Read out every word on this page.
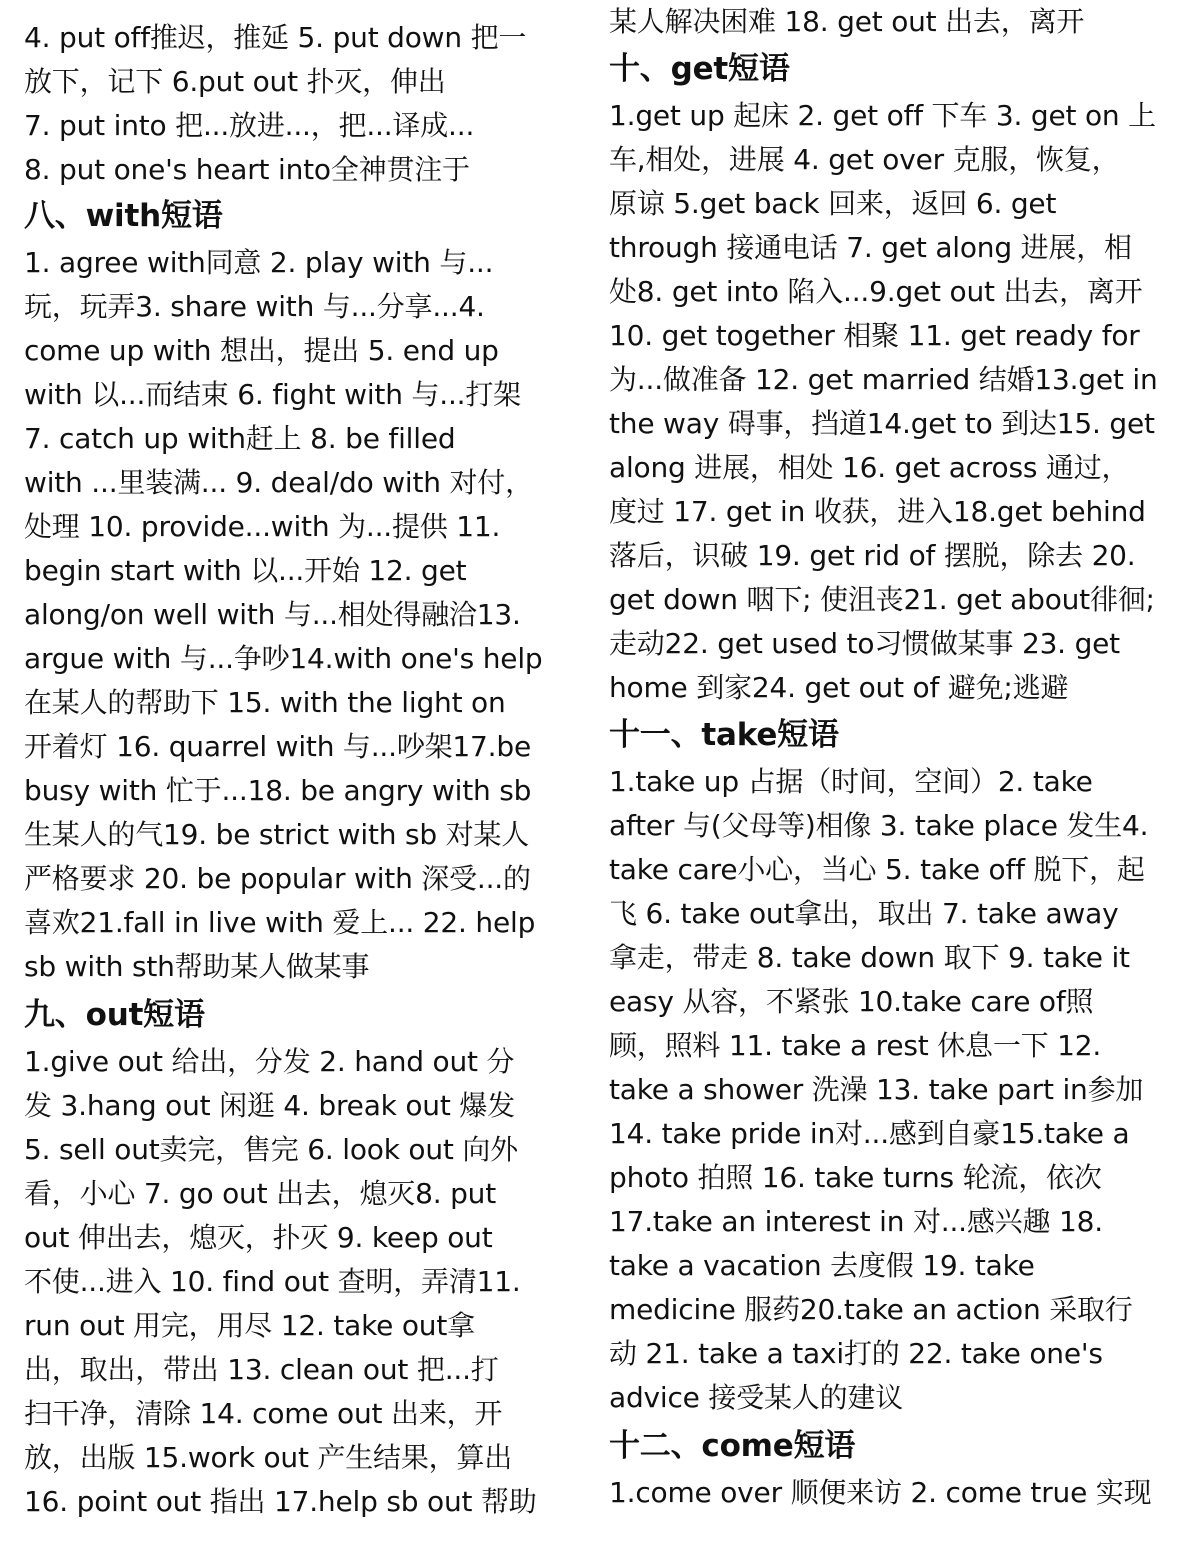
4. put off推迟，推延 5. put down 把一
放下，记下 6.put out 扑灭，伸出
7. put into 把...放进...，把...译成...
8. put one's heart into全神贯注于
八、with短语
1. agree with同意 2. play with 与...
玩，玩弄3. share with 与...分享...4.
come up with 想出，提出 5. end up
with 以...而结束 6. fight with 与...打架
7. catch up with赶上 8. be filled
with ...里装满... 9. deal/do with 对付，
处理 10. provide...with 为...提供 11.
begin start with 以...开始 12. get
along/on well with 与...相处得融洽13.
argue with 与...争吵14.with one's help
在某人的帮助下 15. with the light on
开着灯 16. quarrel with 与...吵架17.be
busy with 忙于...18. be angry with sb
生某人的气19. be strict with sb 对某人
严格要求 20. be popular with 深受...的
喜欢21.fall in live with 爱上... 22. help
sb with sth帮助某人做某事
九、out短语
1.give out 给出，分发 2. hand out 分
发 3.hang out 闲逛 4. break out 爆发
5. sell out卖完，售完 6. look out 向外
看，小心 7. go out 出去，熄灭8. put
out 伸出去，熄灭，扑灭 9. keep out
不使...进入 10. find out 查明，弄清11.
run out 用完，用尽 12. take out拿
出，取出，带出 13. clean out 把...打
扫干净，清除 14. come out 出来，开
放，出版 15.work out 产生结果，算出
16. point out 指出 17.help sb out 帮助
某人解决困难 18. get out 出去，离开
十、get短语
1.get up 起床 2. get off 下车 3. get on 上
车,相处，进展 4. get over 克服，恢复，
原谅 5.get back 回来，返回 6. get
through 接通电话 7. get along 进展，相
处8. get into 陷入...9.get out 出去，离开
10. get together 相聚 11. get ready for
为...做准备 12. get married 结婚13.get in
the way 碍事，挡道14.get to 到达15. get
along 进展，相处 16. get across 通过，
度过 17. get in 收获，进入18.get behind
落后，识破 19. get rid of 摆脱，除去 20.
get down 咽下; 使沮丧21. get about徘徊;
走动22. get used to习惯做某事 23. get
home 到家24. get out of 避免;逃避
十一、take短语
1.take up 占据（时间，空间）2. take
after 与(父母等)相像 3. take place 发生4.
take care小心，当心 5. take off 脱下，起
飞 6. take out拿出，取出 7. take away
拿走，带走 8. take down 取下 9. take it
easy 从容，不紧张 10.take care of照
顾，照料 11. take a rest 休息一下 12.
take a shower 洗澡 13. take part in参加
14. take pride in对...感到自豪15.take a
photo 拍照 16. take turns 轮流，依次
17.take an interest in 对...感兴趣 18.
take a vacation 去度假 19. take
medicine 服药20.take an action 采取行
动 21. take a taxi打的 22. take one's
advice 接受某人的建议
十二、come短语
1.come over 顺便来访 2. come true 实现
